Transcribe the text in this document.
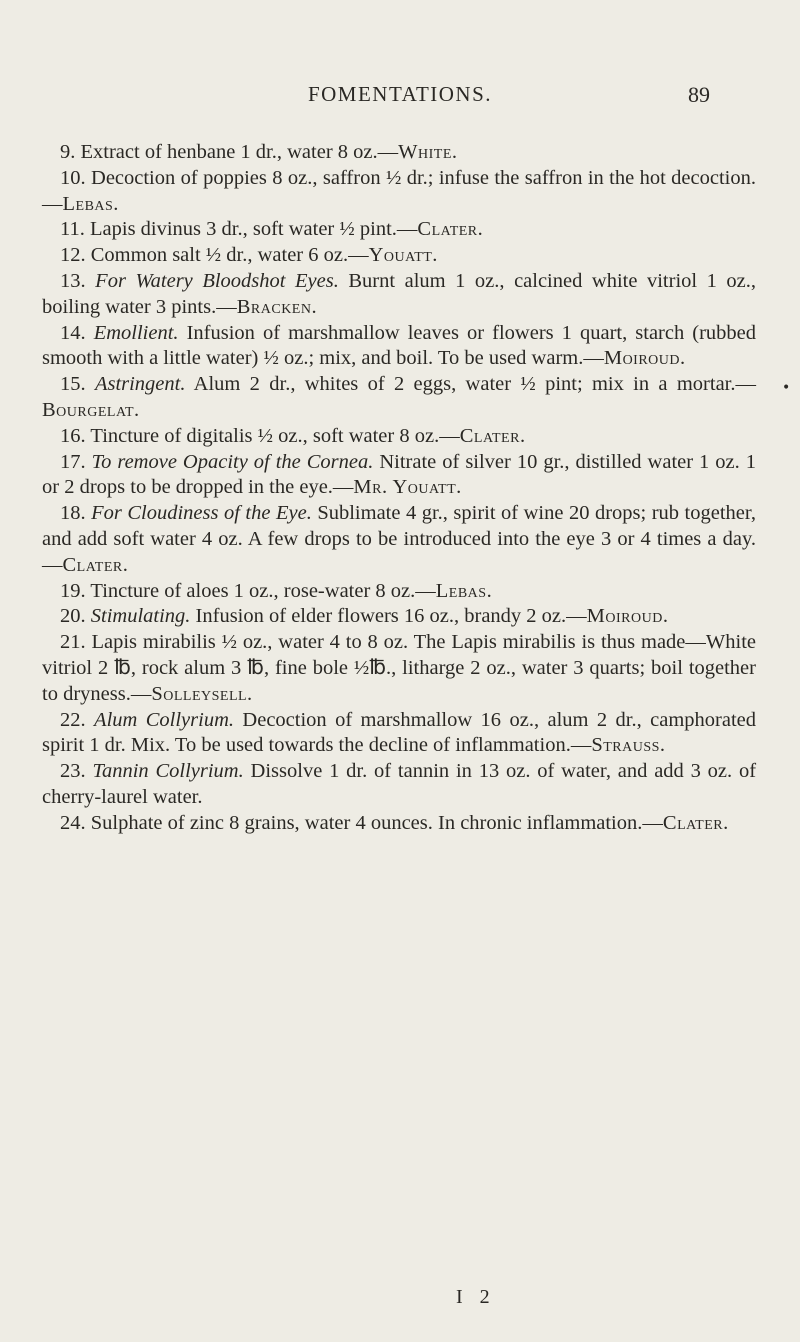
FOMENTATIONS.	89

9. Extract of henbane 1 dr., water 8 oz.—White.

10. Decoction of poppies 8 oz., saffron ½ dr.; infuse the saffron in the hot decoction.—Lebas.

11. Lapis divinus 3 dr., soft water ½ pint.—Clater.

12. Common salt ½ dr., water 6 oz.—Youatt.

13. For Watery Bloodshot Eyes. Burnt alum 1 oz., calcined white vitriol 1 oz., boiling water 3 pints.—Bracken.

14. Emollient. Infusion of marshmallow leaves or flowers 1 quart, starch (rubbed smooth with a little water) ½ oz.; mix, and boil. To be used warm.—Moiroud.

15. Astringent. Alum 2 dr., whites of 2 eggs, water ½ pint; mix in a mortar.—Bourgelat.

16. Tincture of digitalis ½ oz., soft water 8 oz.—Clater.

17. To remove Opacity of the Cornea. Nitrate of silver 10 gr., distilled water 1 oz. 1 or 2 drops to be dropped in the eye.—Mr. Youatt.

18. For Cloudiness of the Eye. Sublimate 4 gr., spirit of wine 20 drops; rub together, and add soft water 4 oz. A few drops to be introduced into the eye 3 or 4 times a day.—Clater.

19. Tincture of aloes 1 oz., rose-water 8 oz.—Lebas.

20. Stimulating. Infusion of elder flowers 16 oz., brandy 2 oz.—Moiroud.

21. Lapis mirabilis ½ oz., water 4 to 8 oz. The Lapis mirabilis is thus made—White vitriol 2 ℔, rock alum 3 ℔, fine bole ½℔., litharge 2 oz., water 3 quarts; boil together to dryness.—Solleysell.

22. Alum Collyrium. Decoction of marshmallow 16 oz., alum 2 dr., camphorated spirit 1 dr. Mix. To be used towards the decline of inflammation.—Strauss.

23. Tannin Collyrium. Dissolve 1 dr. of tannin in 13 oz. of water, and add 3 oz. of cherry-laurel water.

24. Sulphate of zinc 8 grains, water 4 ounces. In chronic inflammation.—Clater.

•
I 2
